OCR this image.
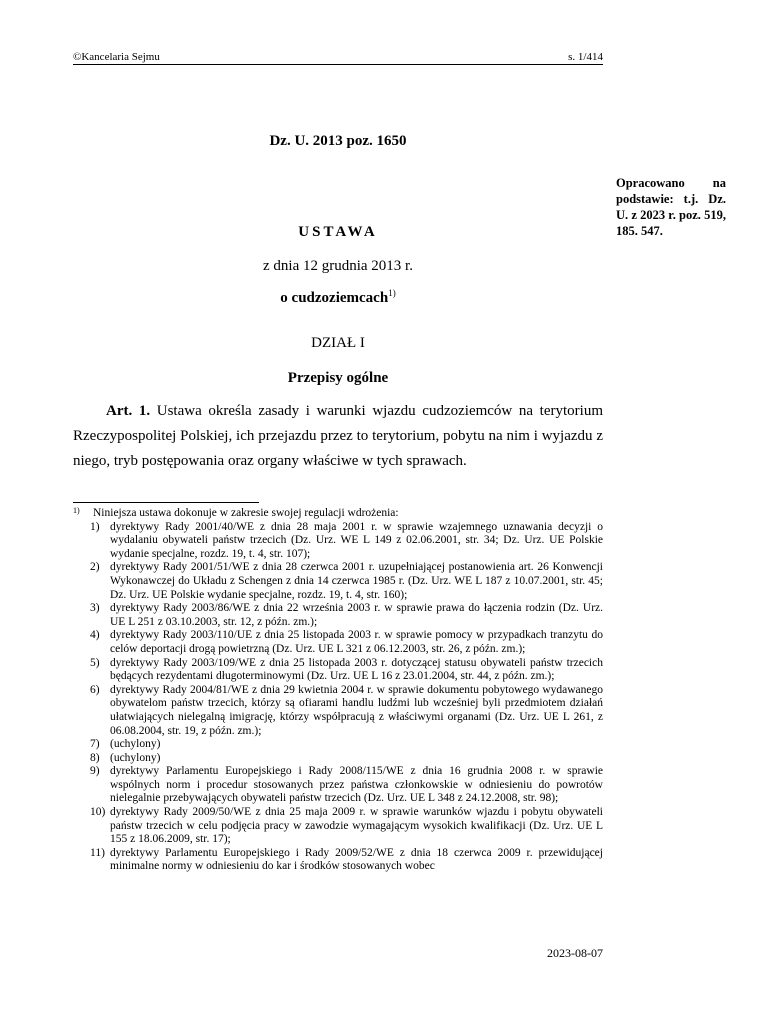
©Kancelaria Sejmu	s. 1/414
Dz. U. 2013 poz. 1650
Opracowano na podstawie: t.j. Dz. U. z 2023 r. poz. 519, 185. 547.
USTAWA
z dnia 12 grudnia 2013 r.
o cudzoziemcach$^{1)}$
DZIAŁ I
Przepisy ogólne
Art. 1. Ustawa określa zasady i warunki wjazdu cudzoziemców na terytorium Rzeczypospolitej Polskiej, ich przejazdu przez to terytorium, pobytu na nim i wyjazdu z niego, tryb postępowania oraz organy właściwe w tych sprawach.
1) Niniejsza ustawa dokonuje w zakresie swojej regulacji wdrożenia:
1) dyrektywy Rady 2001/40/WE z dnia 28 maja 2001 r. w sprawie wzajemnego uznawania decyzji o wydalaniu obywateli państw trzecich (Dz. Urz. WE L 149 z 02.06.2001, str. 34; Dz. Urz. UE Polskie wydanie specjalne, rozdz. 19, t. 4, str. 107);
2) dyrektywy Rady 2001/51/WE z dnia 28 czerwca 2001 r. uzupełniającej postanowienia art. 26 Konwencji Wykonawczej do Układu z Schengen z dnia 14 czerwca 1985 r. (Dz. Urz. WE L 187 z 10.07.2001, str. 45; Dz. Urz. UE Polskie wydanie specjalne, rozdz. 19, t. 4, str. 160);
3) dyrektywy Rady 2003/86/WE z dnia 22 września 2003 r. w sprawie prawa do łączenia rodzin (Dz. Urz. UE L 251 z 03.10.2003, str. 12, z późn. zm.);
4) dyrektywy Rady 2003/110/UE z dnia 25 listopada 2003 r. w sprawie pomocy w przypadkach tranzytu do celów deportacji drogą powietrzną (Dz. Urz. UE L 321 z 06.12.2003, str. 26, z późn. zm.);
5) dyrektywy Rady 2003/109/WE z dnia 25 listopada 2003 r. dotyczącej statusu obywateli państw trzecich będących rezydentami długoterminowymi (Dz. Urz. UE L 16 z 23.01.2004, str. 44, z późn. zm.);
6) dyrektywy Rady 2004/81/WE z dnia 29 kwietnia 2004 r. w sprawie dokumentu pobytowego wydawanego obywatelom państw trzecich, którzy są ofiarami handlu ludźmi lub wcześniej byli przedmiotem działań ułatwiających nielegalną imigrację, którzy współpracują z właściwymi organami (Dz. Urz. UE L 261, z 06.08.2004, str. 19, z późn. zm.);
7) (uchylony)
8) (uchylony)
9) dyrektywy Parlamentu Europejskiego i Rady 2008/115/WE z dnia 16 grudnia 2008 r. w sprawie wspólnych norm i procedur stosowanych przez państwa członkowskie w odniesieniu do powrotów nielegalnie przebywających obywateli państw trzecich (Dz. Urz. UE L 348 z 24.12.2008, str. 98);
10) dyrektywy Rady 2009/50/WE z dnia 25 maja 2009 r. w sprawie warunków wjazdu i pobytu obywateli państw trzecich w celu podjęcia pracy w zawodzie wymagającym wysokich kwalifikacji (Dz. Urz. UE L 155 z 18.06.2009, str. 17);
11) dyrektywy Parlamentu Europejskiego i Rady 2009/52/WE z dnia 18 czerwca 2009 r. przewidującej minimalne normy w odniesieniu do kar i środków stosowanych wobec
2023-08-07
